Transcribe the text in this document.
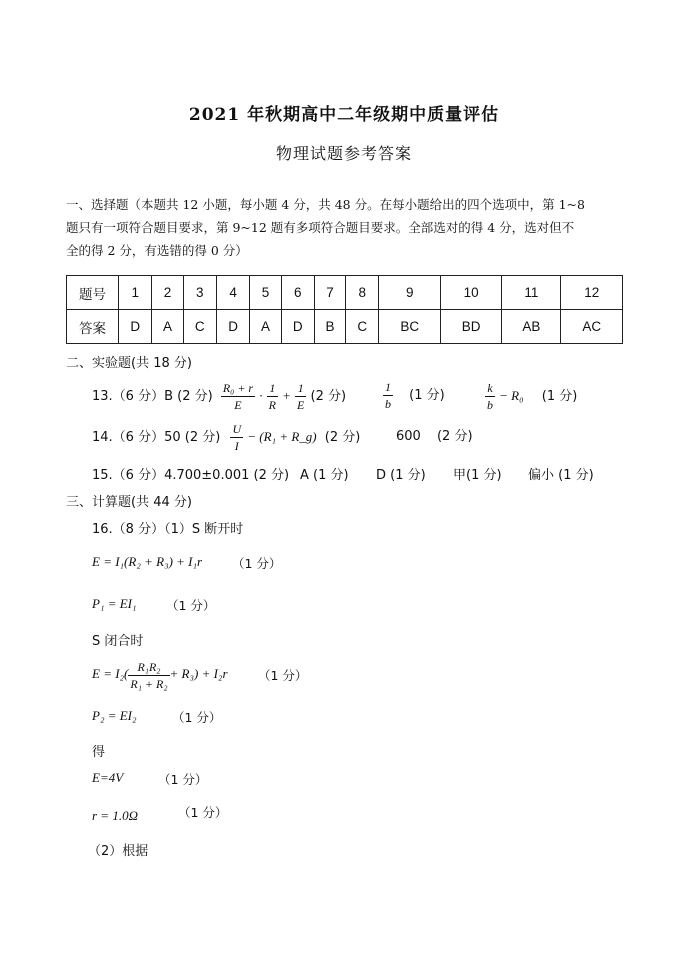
2021 年秋期高中二年级期中质量评估
物理试题参考答案
一、选择题（本题共 12 小题，每小题 4 分，共 48 分。在每小题给出的四个选项中，第 1~8
题只有一项符合题目要求，第 9~12 题有多项符合题目要求。全部选对的得 4 分，选对但不
全的得 2 分，有选错的得 0 分）
题号	1	2	3	4	5	6	7	8	9	10	11	12
答案	D	A	C	D	A	D	B	C	BC	BD	AB	AC
二、实验题(共 18 分)
13.（6 分）B (2 分) $\frac{\text{R₀ + r}}{E} \cdot \frac{1}{R} + \frac{1}{E} (2$ 分)	$\frac{1}{b} (1$ 分)	$\frac{k}{b} - R_0$ (1 分)
14.（6 分）50 (2 分) $\frac{U}{I} - (R_1$ + R_g) (2 分)	600 (2 分)
15.（6 分）4.700±0.001 (2 分) A (1 分) D (1 分) 甲(1 分) 偏小 (1 分)
三、计算题(共 44 分)
16.（8 分）（1）S 断开时
E = I₁(R₂ + R₃) + I₁r （1 分）
P₁ = EI₁ （1 分）
S 闭合时
$E = I_2( \frac{\text{R₁R₂}}{\text{R₁ + R₂}} + R_3) + I_2r$ （1 分）
P₂ = EI₂	（1 分）
得
E=4V	（1 分）
r = 1.0Ω	（1 分）
（2）根据
